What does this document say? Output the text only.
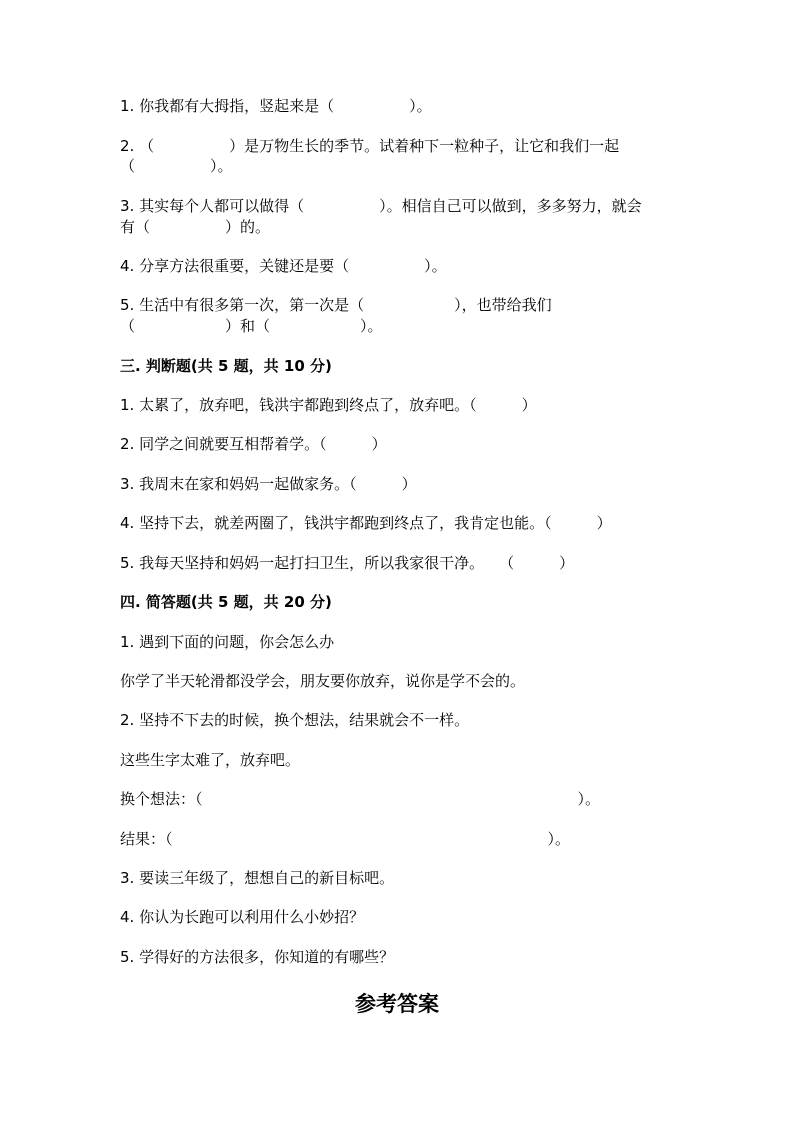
1. 你我都有大拇指，竖起来是（　　　　　）。

2. （　　　　　）是万物生长的季节。试着种下一粒种子，让它和我们一起

（　　　　　）。

3. 其实每个人都可以做得（　　　　　）。相信自己可以做到，多多努力，就会

有（　　　　　）的。

4. 分享方法很重要，关键还是要（　　　　　）。

5. 生活中有很多第一次，第一次是（　　　　　　），也带给我们

（　　　　　　）和（　　　　　　）。

三. 判断题(共 5 题，共 10 分)

1. 太累了，放弃吧，钱洪宇都跑到终点了，放弃吧。（　　　）

2. 同学之间就要互相帮着学。（　　　）

3. 我周末在家和妈妈一起做家务。（　　　）

4. 坚持下去，就差两圈了，钱洪宇都跑到终点了，我肯定也能。（　　　）

5. 我每天坚持和妈妈一起打扫卫生，所以我家很干净。　　（　　　）

四. 简答题(共 5 题，共 20 分)

1. 遇到下面的问题，你会怎么办

你学了半天轮滑都没学会，朋友要你放弃，说你是学不会的。

2. 坚持不下去的时候，换个想法，结果就会不一样。

这些生字太难了，放弃吧。

换个想法：（　　　　　　　　　　　　　　　　　　　　　　　　　）。

结果：（　　　　　　　　　　　　　　　　　　　　　　　　　）。

3. 要读三年级了，想想自己的新目标吧。

4. 你认为长跑可以利用什么小妙招？

5. 学得好的方法很多，你知道的有哪些？

参考答案
